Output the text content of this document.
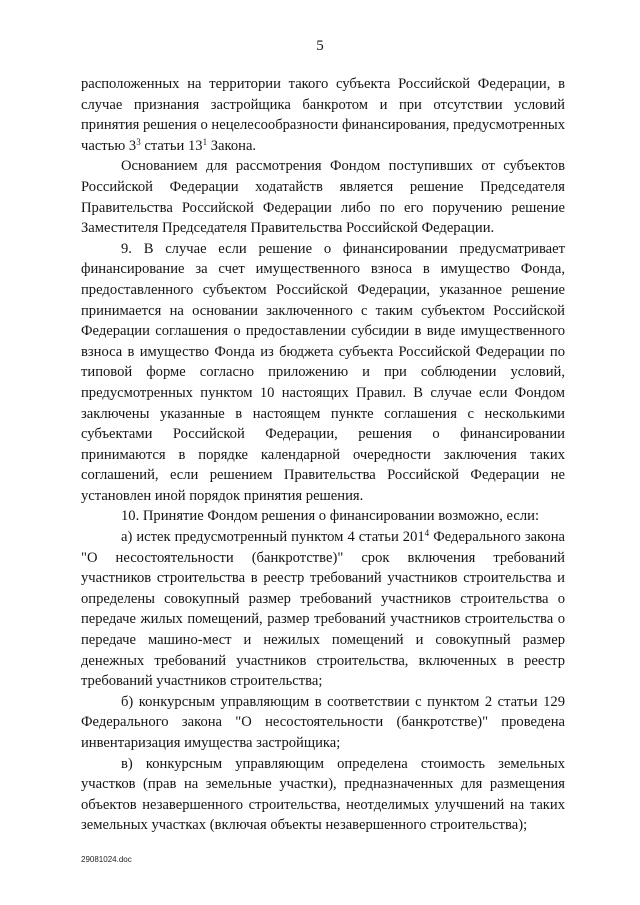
5

расположенных на территории такого субъекта Российской Федерации, в случае признания застройщика банкротом и при отсутствии условий принятия решения о нецелесообразности финансирования, предусмотренных частью $3^3$ статьи $13^1$ Закона.

Основанием для рассмотрения Фондом поступивших от субъектов Российской Федерации ходатайств является решение Председателя Правительства Российской Федерации либо по его поручению решение Заместителя Председателя Правительства Российской Федерации.

9. В случае если решение о финансировании предусматривает финансирование за счет имущественного взноса в имущество Фонда, предоставленного субъектом Российской Федерации, указанное решение принимается на основании заключенного с таким субъектом Российской Федерации соглашения о предоставлении субсидии в виде имущественного взноса в имущество Фонда из бюджета субъекта Российской Федерации по типовой форме согласно приложению и при соблюдении условий, предусмотренных пунктом 10 настоящих Правил. В случае если Фондом заключены указанные в настоящем пункте соглашения с несколькими субъектами Российской Федерации, решения о финансировании принимаются в порядке календарной очередности заключения таких соглашений, если решением Правительства Российской Федерации не установлен иной порядок принятия решения.

10. Принятие Фондом решения о финансировании возможно, если:

а) истек предусмотренный пунктом 4 статьи $201^4$ Федерального закона "О несостоятельности (банкротстве)" срок включения требований участников строительства в реестр требований участников строительства и определены совокупный размер требований участников строительства о передаче жилых помещений, размер требований участников строительства о передаче машино-мест и нежилых помещений и совокупный размер денежных требований участников строительства, включенных в реестр требований участников строительства;

б) конкурсным управляющим в соответствии с пунктом 2 статьи 129 Федерального закона "О несостоятельности (банкротстве)" проведена инвентаризация имущества застройщика;

в) конкурсным управляющим определена стоимость земельных участков (прав на земельные участки), предназначенных для размещения объектов незавершенного строительства, неотделимых улучшений на таких земельных участках (включая объекты незавершенного строительства);

29081024.doc
